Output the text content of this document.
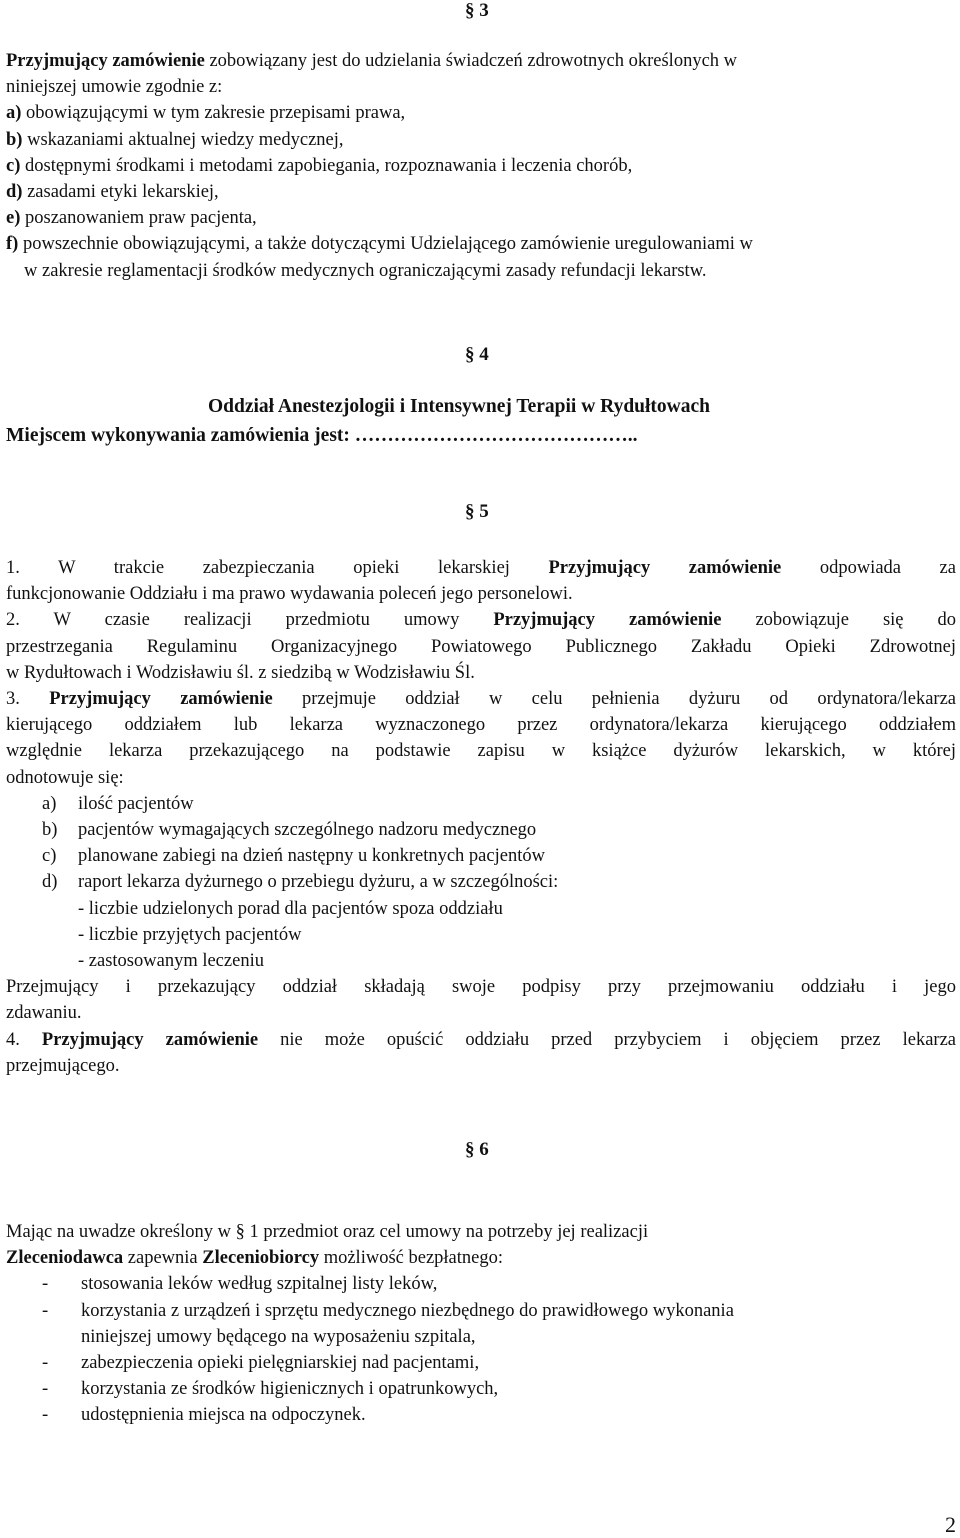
§ 3
Przyjmujący zamówienie zobowiązany jest do udzielania świadczeń zdrowotnych określonych w
niniejszej umowie zgodnie z:
a) obowiązującymi w tym zakresie przepisami prawa,
b) wskazaniami aktualnej wiedzy medycznej,
c) dostępnymi środkami i metodami zapobiegania, rozpoznawania i leczenia chorób,
d) zasadami etyki lekarskiej,
e) poszanowaniem praw pacjenta,
f) powszechnie obowiązującymi, a także dotyczącymi Udzielającego zamówienie uregulowaniami w
w zakresie reglamentacji środków medycznych ograniczającymi zasady refundacji lekarstw.
§ 4
Oddział Anestezjologii i Intensywnej Terapii w Rydułtowach
Miejscem wykonywania zamówienia jest: ……………………………………..
§ 5
1. W trakcie zabezpieczania opieki lekarskiej Przyjmujący zamówienie odpowiada za
funkcjonowanie Oddziału i ma prawo wydawania poleceń jego personelowi.
2. W czasie realizacji przedmiotu umowy Przyjmujący zamówienie zobowiązuje się do
przestrzegania Regulaminu Organizacyjnego Powiatowego Publicznego Zakładu Opieki Zdrowotnej
w Rydułtowach i Wodzisławiu śl. z siedzibą w Wodzisławiu Śl.
3. Przyjmujący zamówienie przejmuje oddział w celu pełnienia dyżuru od ordynatora/lekarza
kierującego oddziałem lub lekarza wyznaczonego przez ordynatora/lekarza kierującego oddziałem
względnie lekarza przekazującego na podstawie zapisu w książce dyżurów lekarskich, w której
odnotowuje się:
a) ilość pacjentów
b) pacjentów wymagających szczególnego nadzoru medycznego
c) planowane zabiegi na dzień następny u konkretnych pacjentów
d) raport lekarza dyżurnego o przebiegu dyżuru, a w szczególności:
- liczbie udzielonych porad dla pacjentów spoza oddziału
- liczbie przyjętych pacjentów
- zastosowanym leczeniu
Przejmujący i przekazujący oddział składają swoje podpisy przy przejmowaniu oddziału i jego
zdawaniu.
4. Przyjmujący zamówienie nie może opuścić oddziału przed przybyciem i objęciem przez lekarza
przejmującego.
§ 6
Mając na uwadze określony w § 1 przedmiot oraz cel umowy na potrzeby jej realizacji
Zleceniodawca zapewnia Zleceniobiorcy możliwość bezpłatnego:
- stosowania leków według szpitalnej listy leków,
- korzystania z urządzeń i sprzętu medycznego niezbędnego do prawidłowego wykonania
niniejszej umowy będącego na wyposażeniu szpitala,
- zabezpieczenia opieki pielęgniarskiej nad pacjentami,
- korzystania ze środków higienicznych i opatrunkowych,
- udostępnienia miejsca na odpoczynek.
2
